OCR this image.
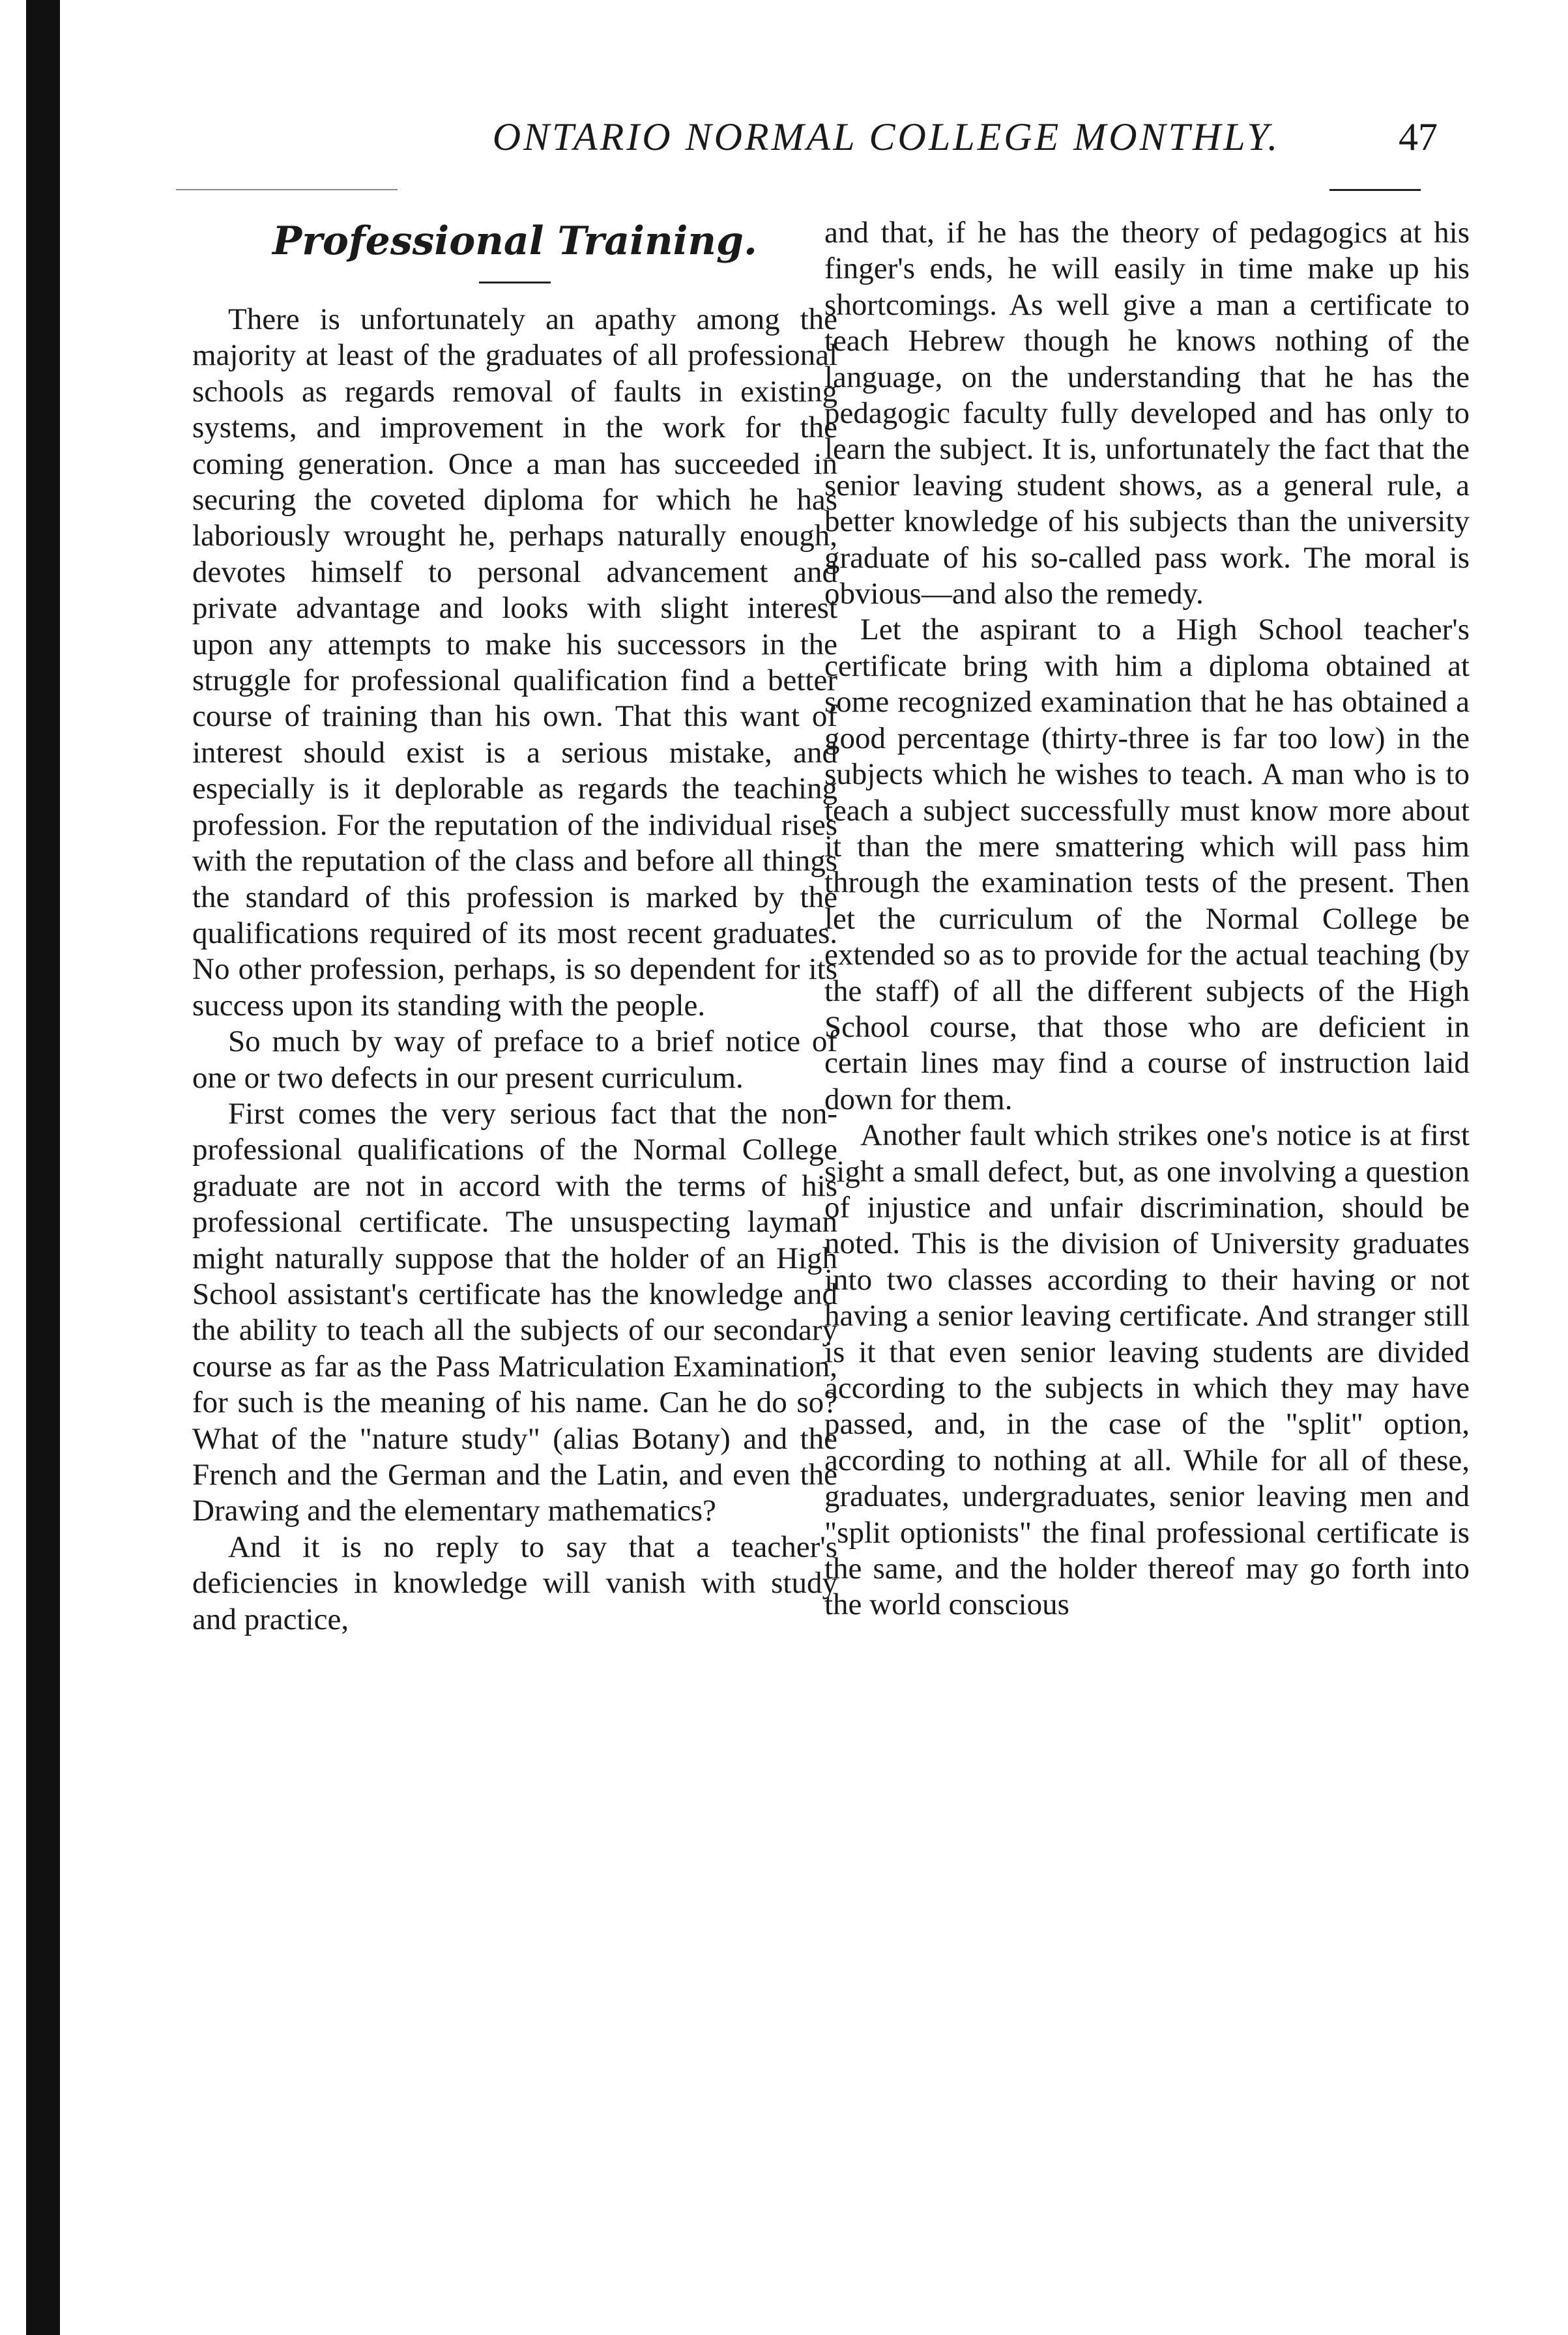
ONTARIO NORMAL COLLEGE MONTHLY.	47

Professional Training.

There is unfortunately an apathy among the majority at least of the graduates of all professional schools as regards removal of faults in existing systems, and improvement in the work for the coming generation. Once a man has succeeded in securing the coveted diploma for which he has laboriously wrought he, perhaps naturally enough, devotes himself to personal advancement and private advantage and looks with slight interest upon any attempts to make his successors in the struggle for professional qualification find a better course of training than his own. That this want of interest should exist is a serious mistake, and especially is it deplorable as regards the teaching profession. For the reputation of the individual rises with the reputation of the class and before all things the standard of this profession is marked by the qualifications required of its most recent graduates. No other profession, perhaps, is so dependent for its success upon its standing with the people.

So much by way of preface to a brief notice of one or two defects in our present curriculum.

First comes the very serious fact that the non-professional qualifications of the Normal College graduate are not in accord with the terms of his professional certificate. The unsuspecting layman might naturally suppose that the holder of an High School assistant's certificate has the knowledge and the ability to teach all the subjects of our secondary course as far as the Pass Matriculation Examination, for such is the meaning of his name. Can he do so? What of the "nature study" (alias Botany) and the French and the German and the Latin, and even the Drawing and the elementary mathematics?

And it is no reply to say that a teacher's deficiencies in knowledge will vanish with study and practice,

and that, if he has the theory of pedagogics at his finger's ends, he will easily in time make up his shortcomings. As well give a man a certificate to teach Hebrew though he knows nothing of the language, on the understanding that he has the pedagogic faculty fully developed and has only to learn the subject. It is, unfortunately the fact that the senior leaving student shows, as a general rule, a better knowledge of his subjects than the university graduate of his so-called pass work. The moral is obvious—and also the remedy.

Let the aspirant to a High School teacher's certificate bring with him a diploma obtained at some recognized examination that he has obtained a good percentage (thirty-three is far too low) in the subjects which he wishes to teach. A man who is to teach a subject successfully must know more about it than the mere smattering which will pass him through the examination tests of the present. Then let the curriculum of the Normal College be extended so as to provide for the actual teaching (by the staff) of all the different subjects of the High School course, that those who are deficient in certain lines may find a course of instruction laid down for them.

Another fault which strikes one's notice is at first sight a small defect, but, as one involving a question of injustice and unfair discrimination, should be noted. This is the division of University graduates into two classes according to their having or not having a senior leaving certificate. And stranger still is it that even senior leaving students are divided according to the subjects in which they may have passed, and, in the case of the "split" option, according to nothing at all. While for all of these, graduates, undergraduates, senior leaving men and "split optionists" the final professional certificate is the same, and the holder thereof may go forth into the world conscious
